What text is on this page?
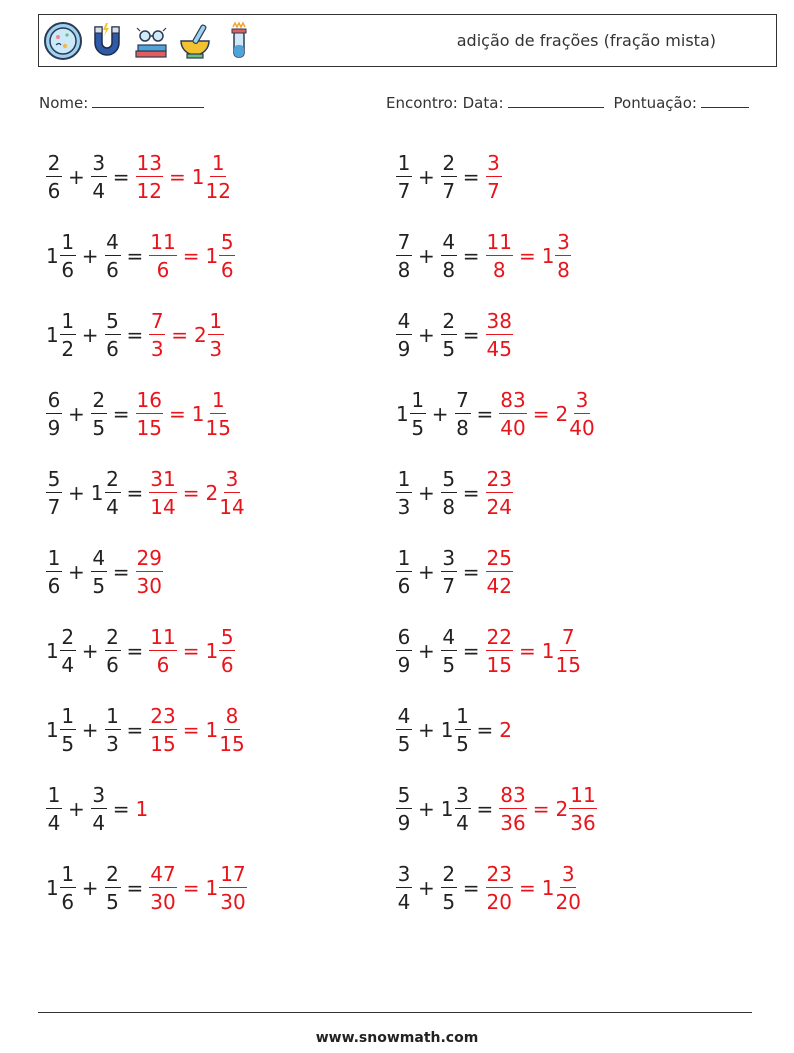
adição de frações (fração mista)
Nome:	Encontro: Data:	Pontuação:
$\frac{2}{6} + \frac{3}{4} = \frac{13}{12} = 1 \frac{1}{12}$
$1 \frac{1}{6} + \frac{4}{6} = \frac{11}{6} = 1 \frac{5}{6}$
$1 \frac{1}{2} + \frac{5}{6} = \frac{7}{3} = 2 \frac{1}{3}$
$\frac{6}{9} + \frac{2}{5} = \frac{16}{15} = 1 \frac{1}{15}$
$\frac{5}{7} + 1 \frac{2}{4} = \frac{31}{14} = 2 \frac{3}{14}$
$\frac{1}{6} + \frac{4}{5} = \frac{29}{30}$
$1 \frac{2}{4} + \frac{2}{6} = \frac{11}{6} = 1 \frac{5}{6}$
$1 \frac{1}{5} + \frac{1}{3} = \frac{23}{15} = 1 \frac{8}{15}$
$\frac{1}{4} + \frac{3}{4} = 1$
$1 \frac{1}{6} + \frac{2}{5} = \frac{47}{30} = 1 \frac{17}{30}$
$\frac{1}{7} + \frac{2}{7} = \frac{3}{7}$
$\frac{7}{8} + \frac{4}{8} = \frac{11}{8} = 1 \frac{3}{8}$
$\frac{4}{9} + \frac{2}{5} = \frac{38}{45}$
$1 \frac{1}{5} + \frac{7}{8} = \frac{83}{40} = 2 \frac{3}{40}$
$\frac{1}{3} + \frac{5}{8} = \frac{23}{24}$
$\frac{1}{6} + \frac{3}{7} = \frac{25}{42}$
$\frac{6}{9} + \frac{4}{5} = \frac{22}{15} = 1 \frac{7}{15}$
$\frac{4}{5} + 1 \frac{1}{5} = 2$
$\frac{5}{9} + 1 \frac{3}{4} = \frac{83}{36} = 2 \frac{11}{36}$
$\frac{3}{4} + \frac{2}{5} = \frac{23}{20} = 1 \frac{3}{20}$
www.snowmath.com
